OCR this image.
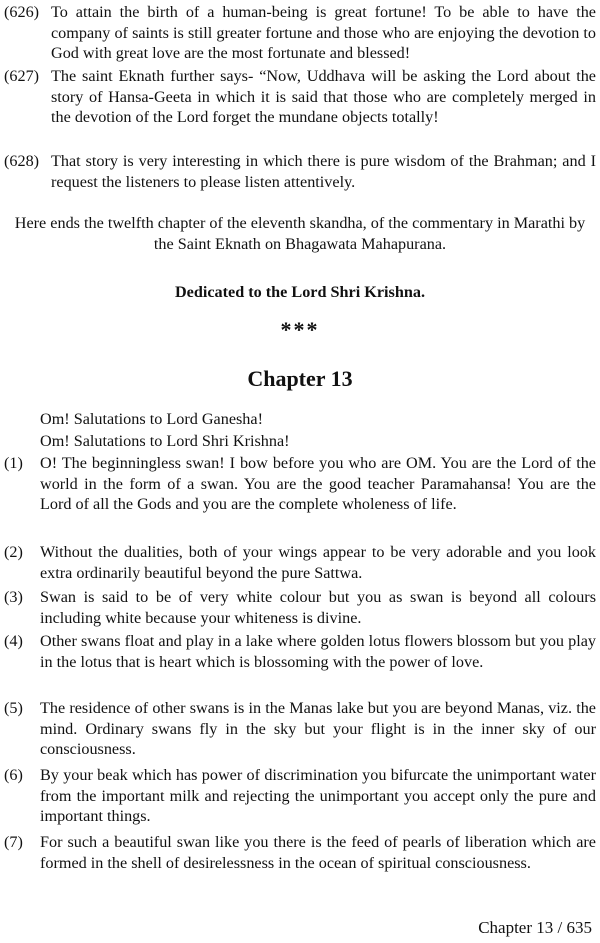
(626) To attain the birth of a human-being is great fortune! To be able to have the company of saints is still greater fortune and those who are enjoying the devotion to God with great love are the most fortunate and blessed!
(627) The saint Eknath further says- “Now, Uddhava will be asking the Lord about the story of Hansa-Geeta in which it is said that those who are completely merged in the devotion of the Lord forget the mundane objects totally!
(628) That story is very interesting in which there is pure wisdom of the Brahman; and I request the listeners to please listen attentively.
Here ends the twelfth chapter of the eleventh skandha, of the commentary in Marathi by the Saint Eknath on Bhagawata Mahapurana.
Dedicated to the Lord Shri Krishna.
***
Chapter 13
Om! Salutations to Lord Ganesha!
Om! Salutations to Lord Shri Krishna!
(1)	O! The beginningless swan! I bow before you who are OM. You are the Lord of the world in the form of a swan. You are the good teacher Paramahansa! You are the Lord of all the Gods and you are the complete wholeness of life.
(2)	Without the dualities, both of your wings appear to be very adorable and you look extra ordinarily beautiful beyond the pure Sattwa.
(3)	Swan is said to be of very white colour but you as swan is beyond all colours including white because your whiteness is divine.
(4)	Other swans float and play in a lake where golden lotus flowers blossom but you play in the lotus that is heart which is blossoming with the power of love.
(5)	The residence of other swans is in the Manas lake but you are beyond Manas, viz. the mind. Ordinary swans fly in the sky but your flight is in the inner sky of our consciousness.
(6)	By your beak which has power of discrimination you bifurcate the unimportant water from the important milk and rejecting the unimportant you accept only the pure and important things.
(7)	For such a beautiful swan like you there is the feed of pearls of liberation which are formed in the shell of desirelessness in the ocean of spiritual consciousness.
Chapter 13 / 635
